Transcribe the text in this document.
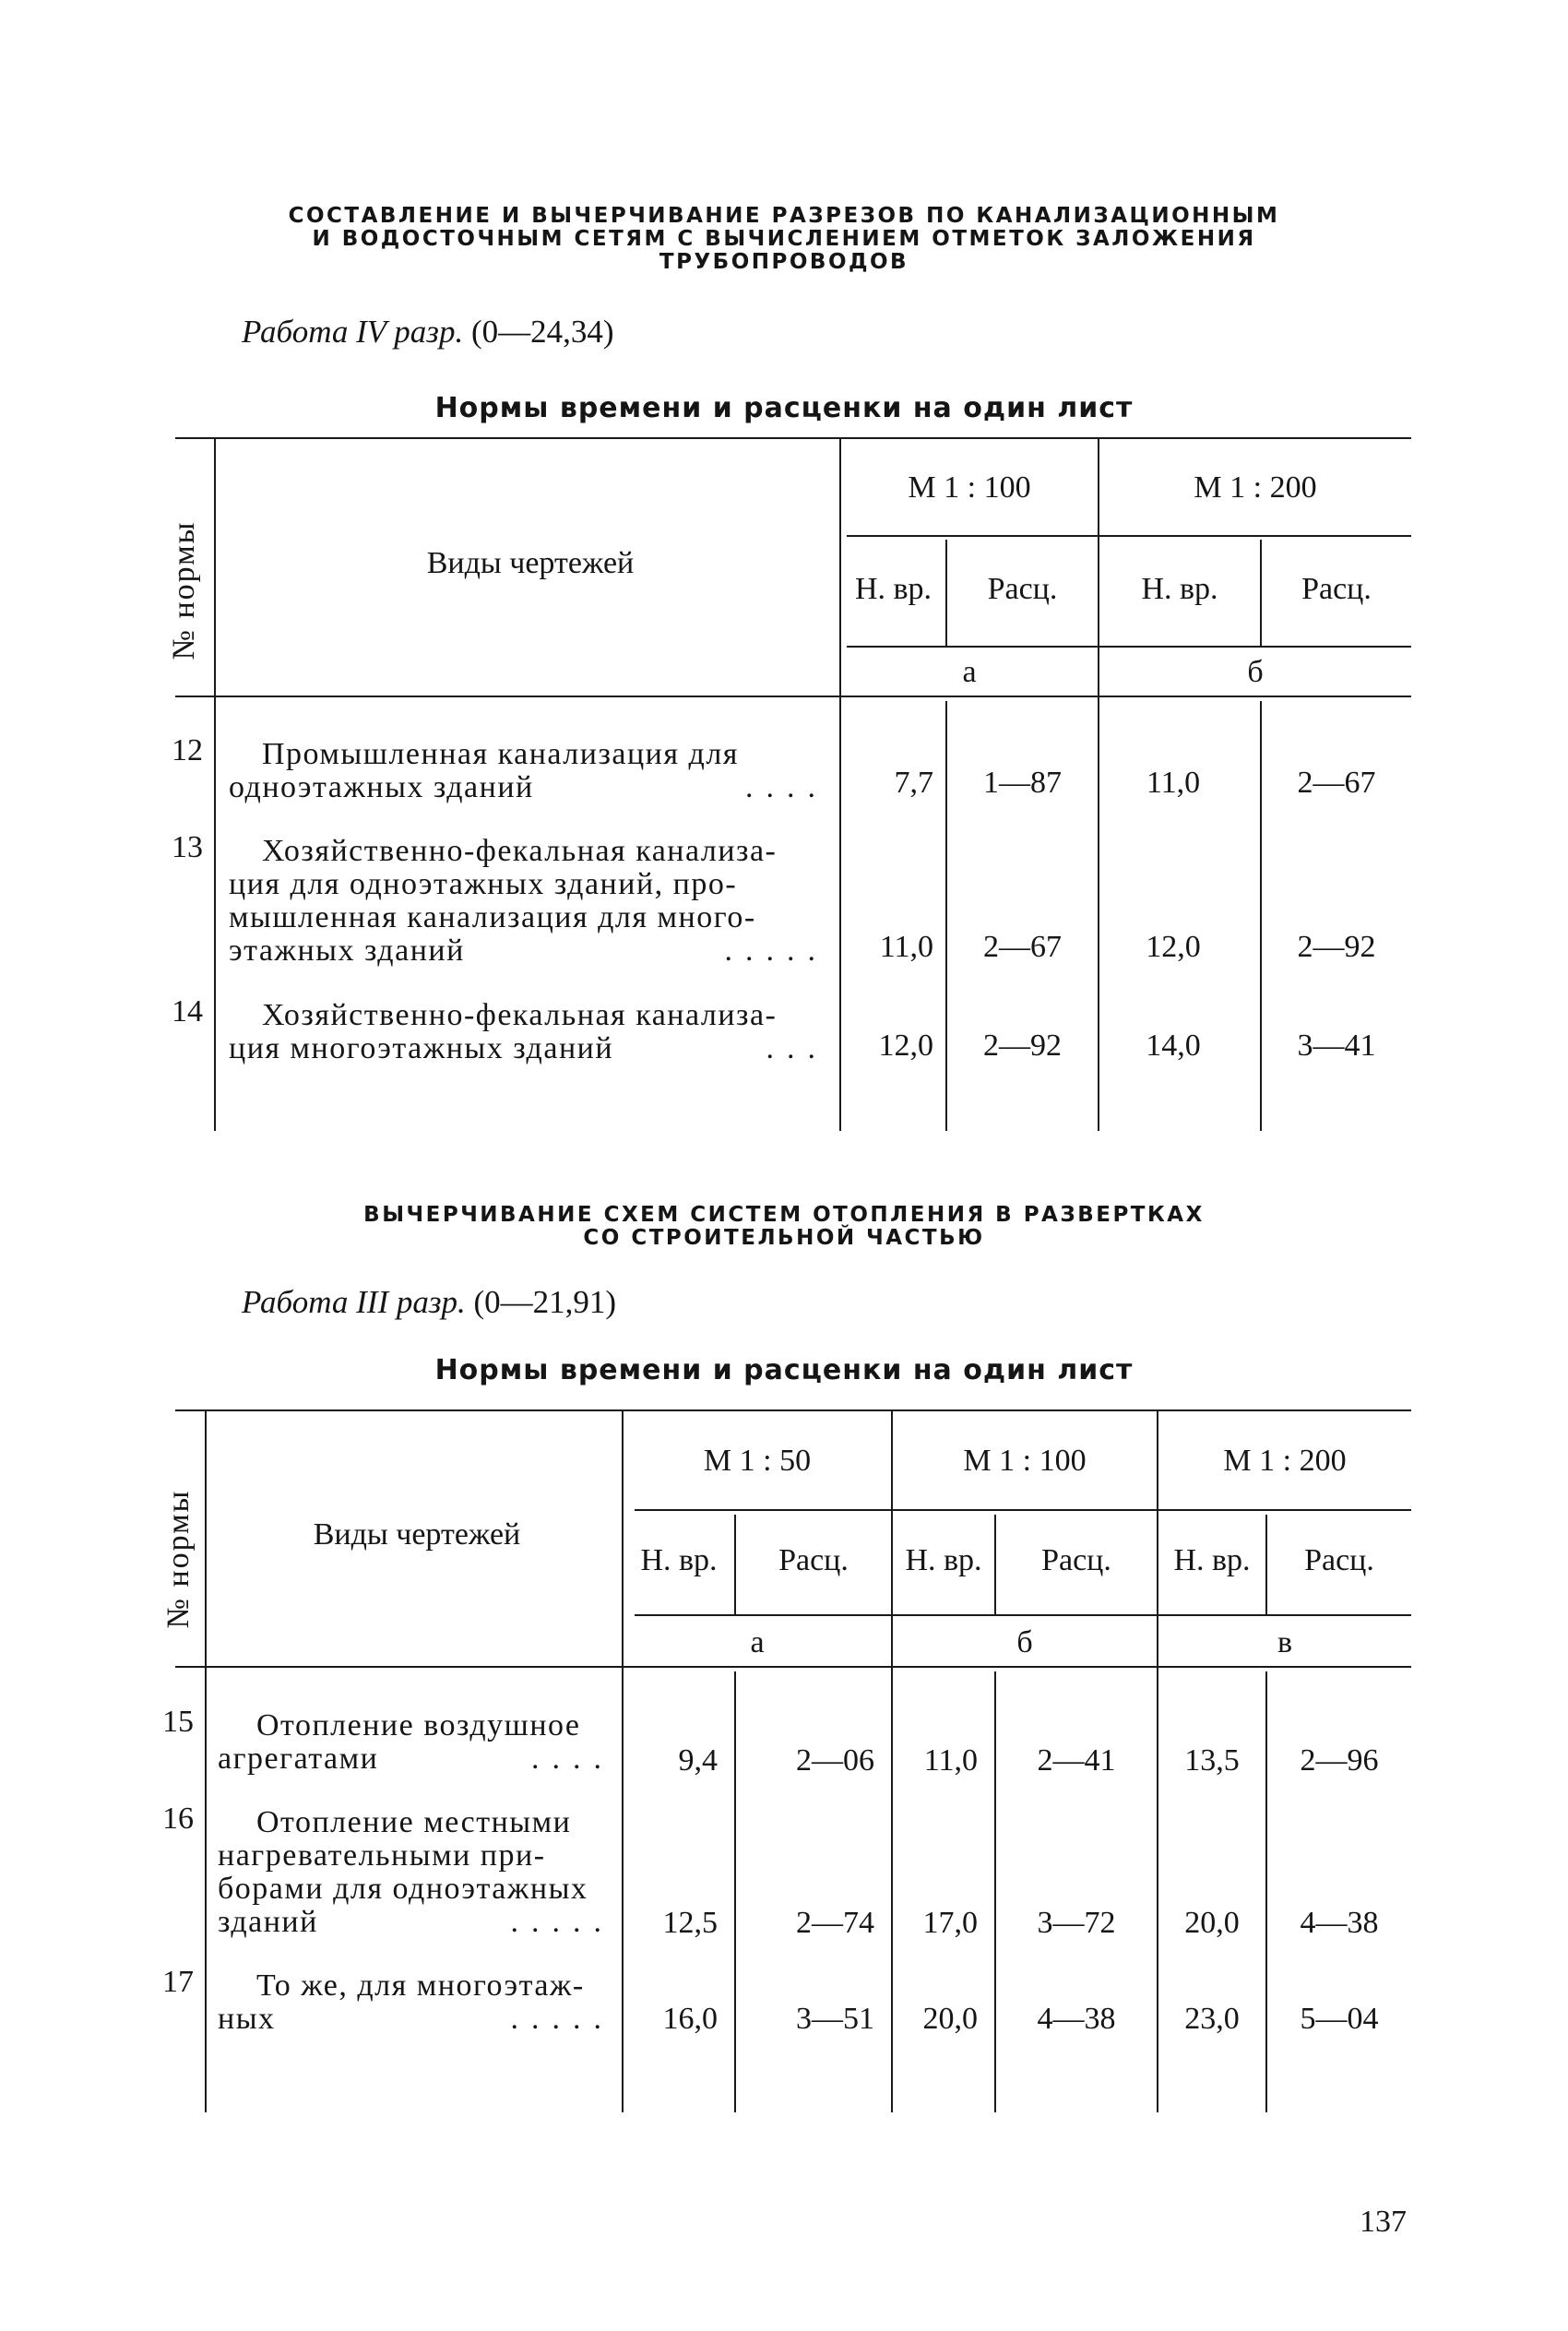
СОСТАВЛЕНИЕ И ВЫЧЕРЧИВАНИЕ РАЗРЕЗОВ ПО КАНАЛИЗАЦИОННЫМ
И ВОДОСТОЧНЫМ СЕТЯМ С ВЫЧИСЛЕНИЕМ ОТМЕТОК ЗАЛОЖЕНИЯ
ТРУБОПРОВОДОВ
Работа IV разр. (0—24,34)
Нормы времени и расценки на один лист
№ нормы	Виды чертежей
М 1 : 100	М 1 : 200
Н. вр.	Расц.	Н. вр.	Расц.
а	б
12 Промышленная канализация для
одноэтажных зданий	....	7,7	1—87	11,0	2—67
13 Хозяйственно-фекальная канализа-
ция для одноэтажных зданий, про-
мышленная канализация для много-
этажных зданий	.....	11,0	2—67	12,0	2—92
14 Хозяйственно-фекальная канализа-
ция многоэтажных зданий	...	12,0	2—92	14,0	3—41
ВЫЧЕРЧИВАНИЕ СХЕМ СИСТЕМ ОТОПЛЕНИЯ В РАЗВЕРТКАХ
СО СТРОИТЕЛЬНОЙ ЧАСТЬЮ
Работа III разр. (0—21,91)
Нормы времени и расценки на один лист
№ нормы	Виды чертежей
М 1 : 50	М 1 : 100	М 1 : 200
Н. вр.	Расц.	Н. вр.	Расц.	Н. вр.	Расц.
а	б	в
15 Отопление воздушное
агрегатами	....	9,4	2—06	11,0	2—41	13,5	2—96
16 Отопление местными
нагревательными при-
борами для одноэтажных
зданий	.....	12,5	2—74	17,0	3—72	20,0	4—38
17 То же, для многоэтаж-
ных	.....	16,0	3—51	20,0	4—38	23,0	5—04
137
